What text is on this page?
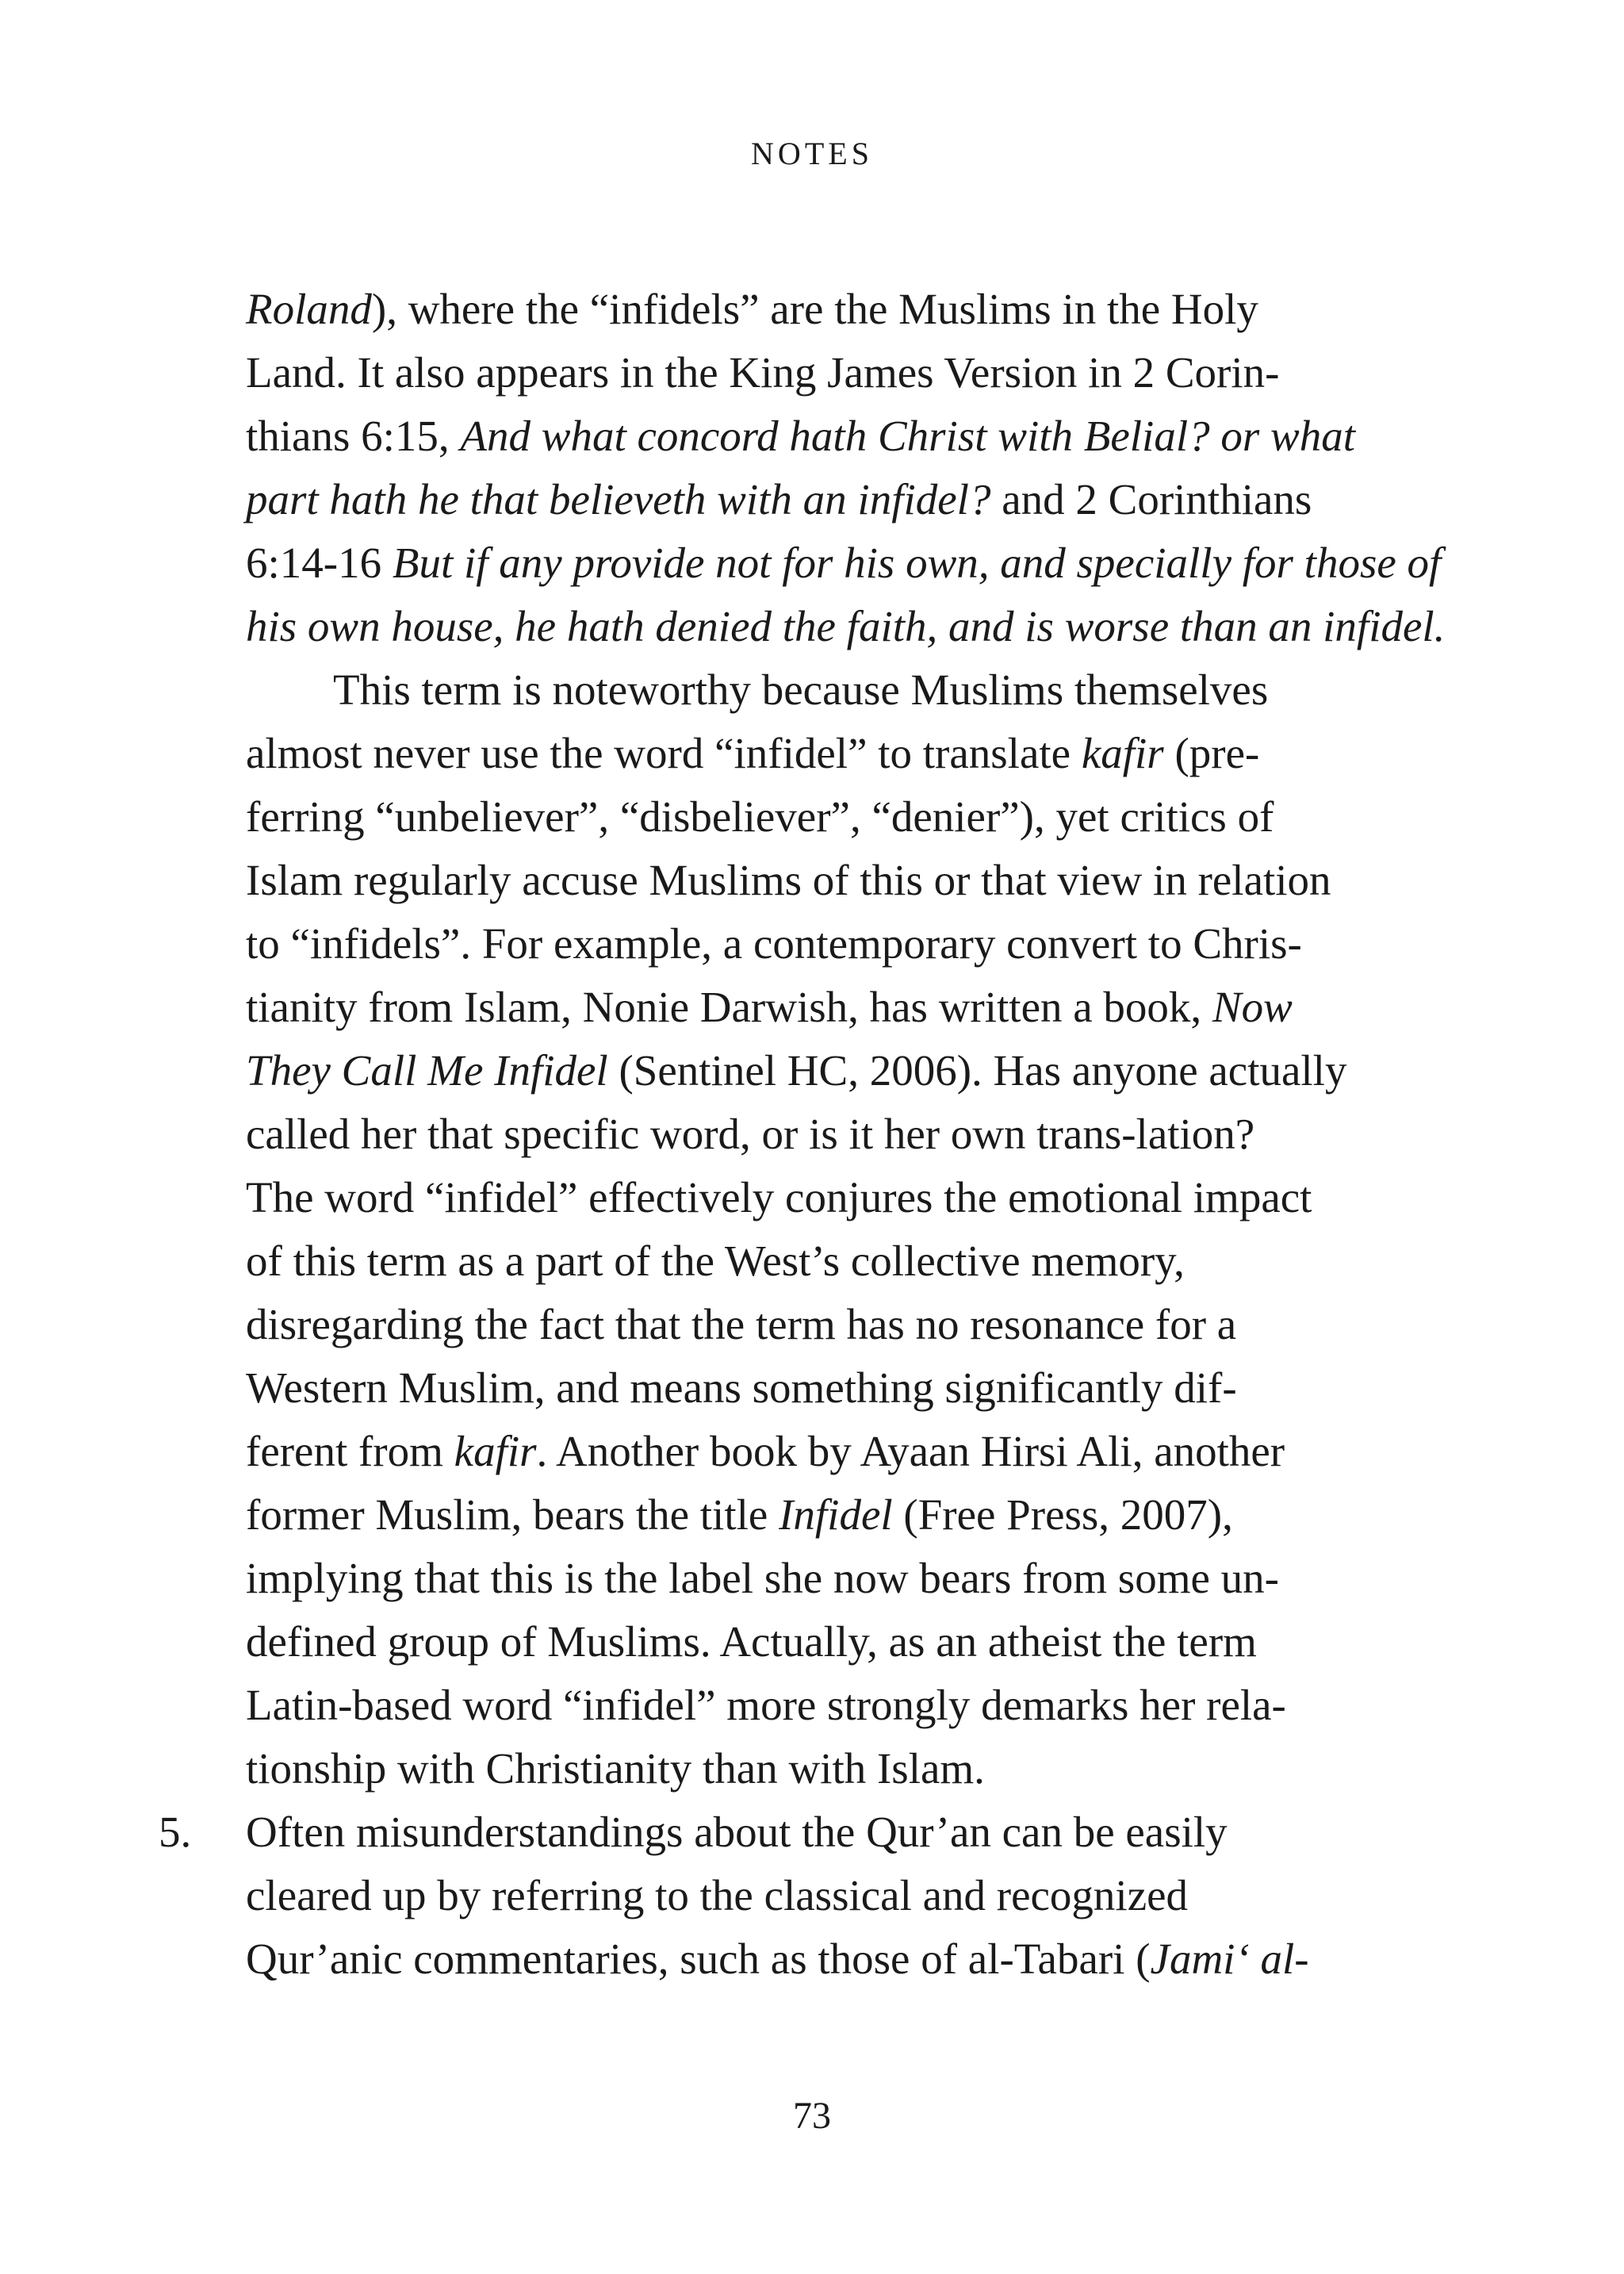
NOTES
Roland), where the “infidels” are the Muslims in the Holy
Land. It also appears in the King James Version in 2 Corin-
thians 6:15, And what concord hath Christ with Belial? or what
part hath he that believeth with an infidel? and 2 Corinthians
6:14-16 But if any provide not for his own, and specially for those of
his own house, he hath denied the faith, and is worse than an infidel.
This term is noteworthy because Muslims themselves
almost never use the word “infidel” to translate kafir (pre-
ferring “unbeliever”, “disbeliever”, “denier”), yet critics of
Islam regularly accuse Muslims of this or that view in relation
to “infidels”. For example, a contemporary convert to Chris-
tianity from Islam, Nonie Darwish, has written a book, Now
They Call Me Infidel (Sentinel HC, 2006). Has anyone actually
called her that specific word, or is it her own trans-lation?
The word “infidel” effectively conjures the emotional impact
of this term as a part of the West’s collective memory,
disregarding the fact that the term has no resonance for a
Western Muslim, and means something significantly dif-
ferent from kafir. Another book by Ayaan Hirsi Ali, another
former Muslim, bears the title Infidel (Free Press, 2007),
implying that this is the label she now bears from some un-
defined group of Muslims. Actually, as an atheist the term
Latin-based word “infidel” more strongly demarks her rela-
tionship with Christianity than with Islam.
5. Often misunderstandings about the Qur’an can be easily
cleared up by referring to the classical and recognized
Qur’anic commentaries, such as those of al-Tabari (Jami‘ al-
73
